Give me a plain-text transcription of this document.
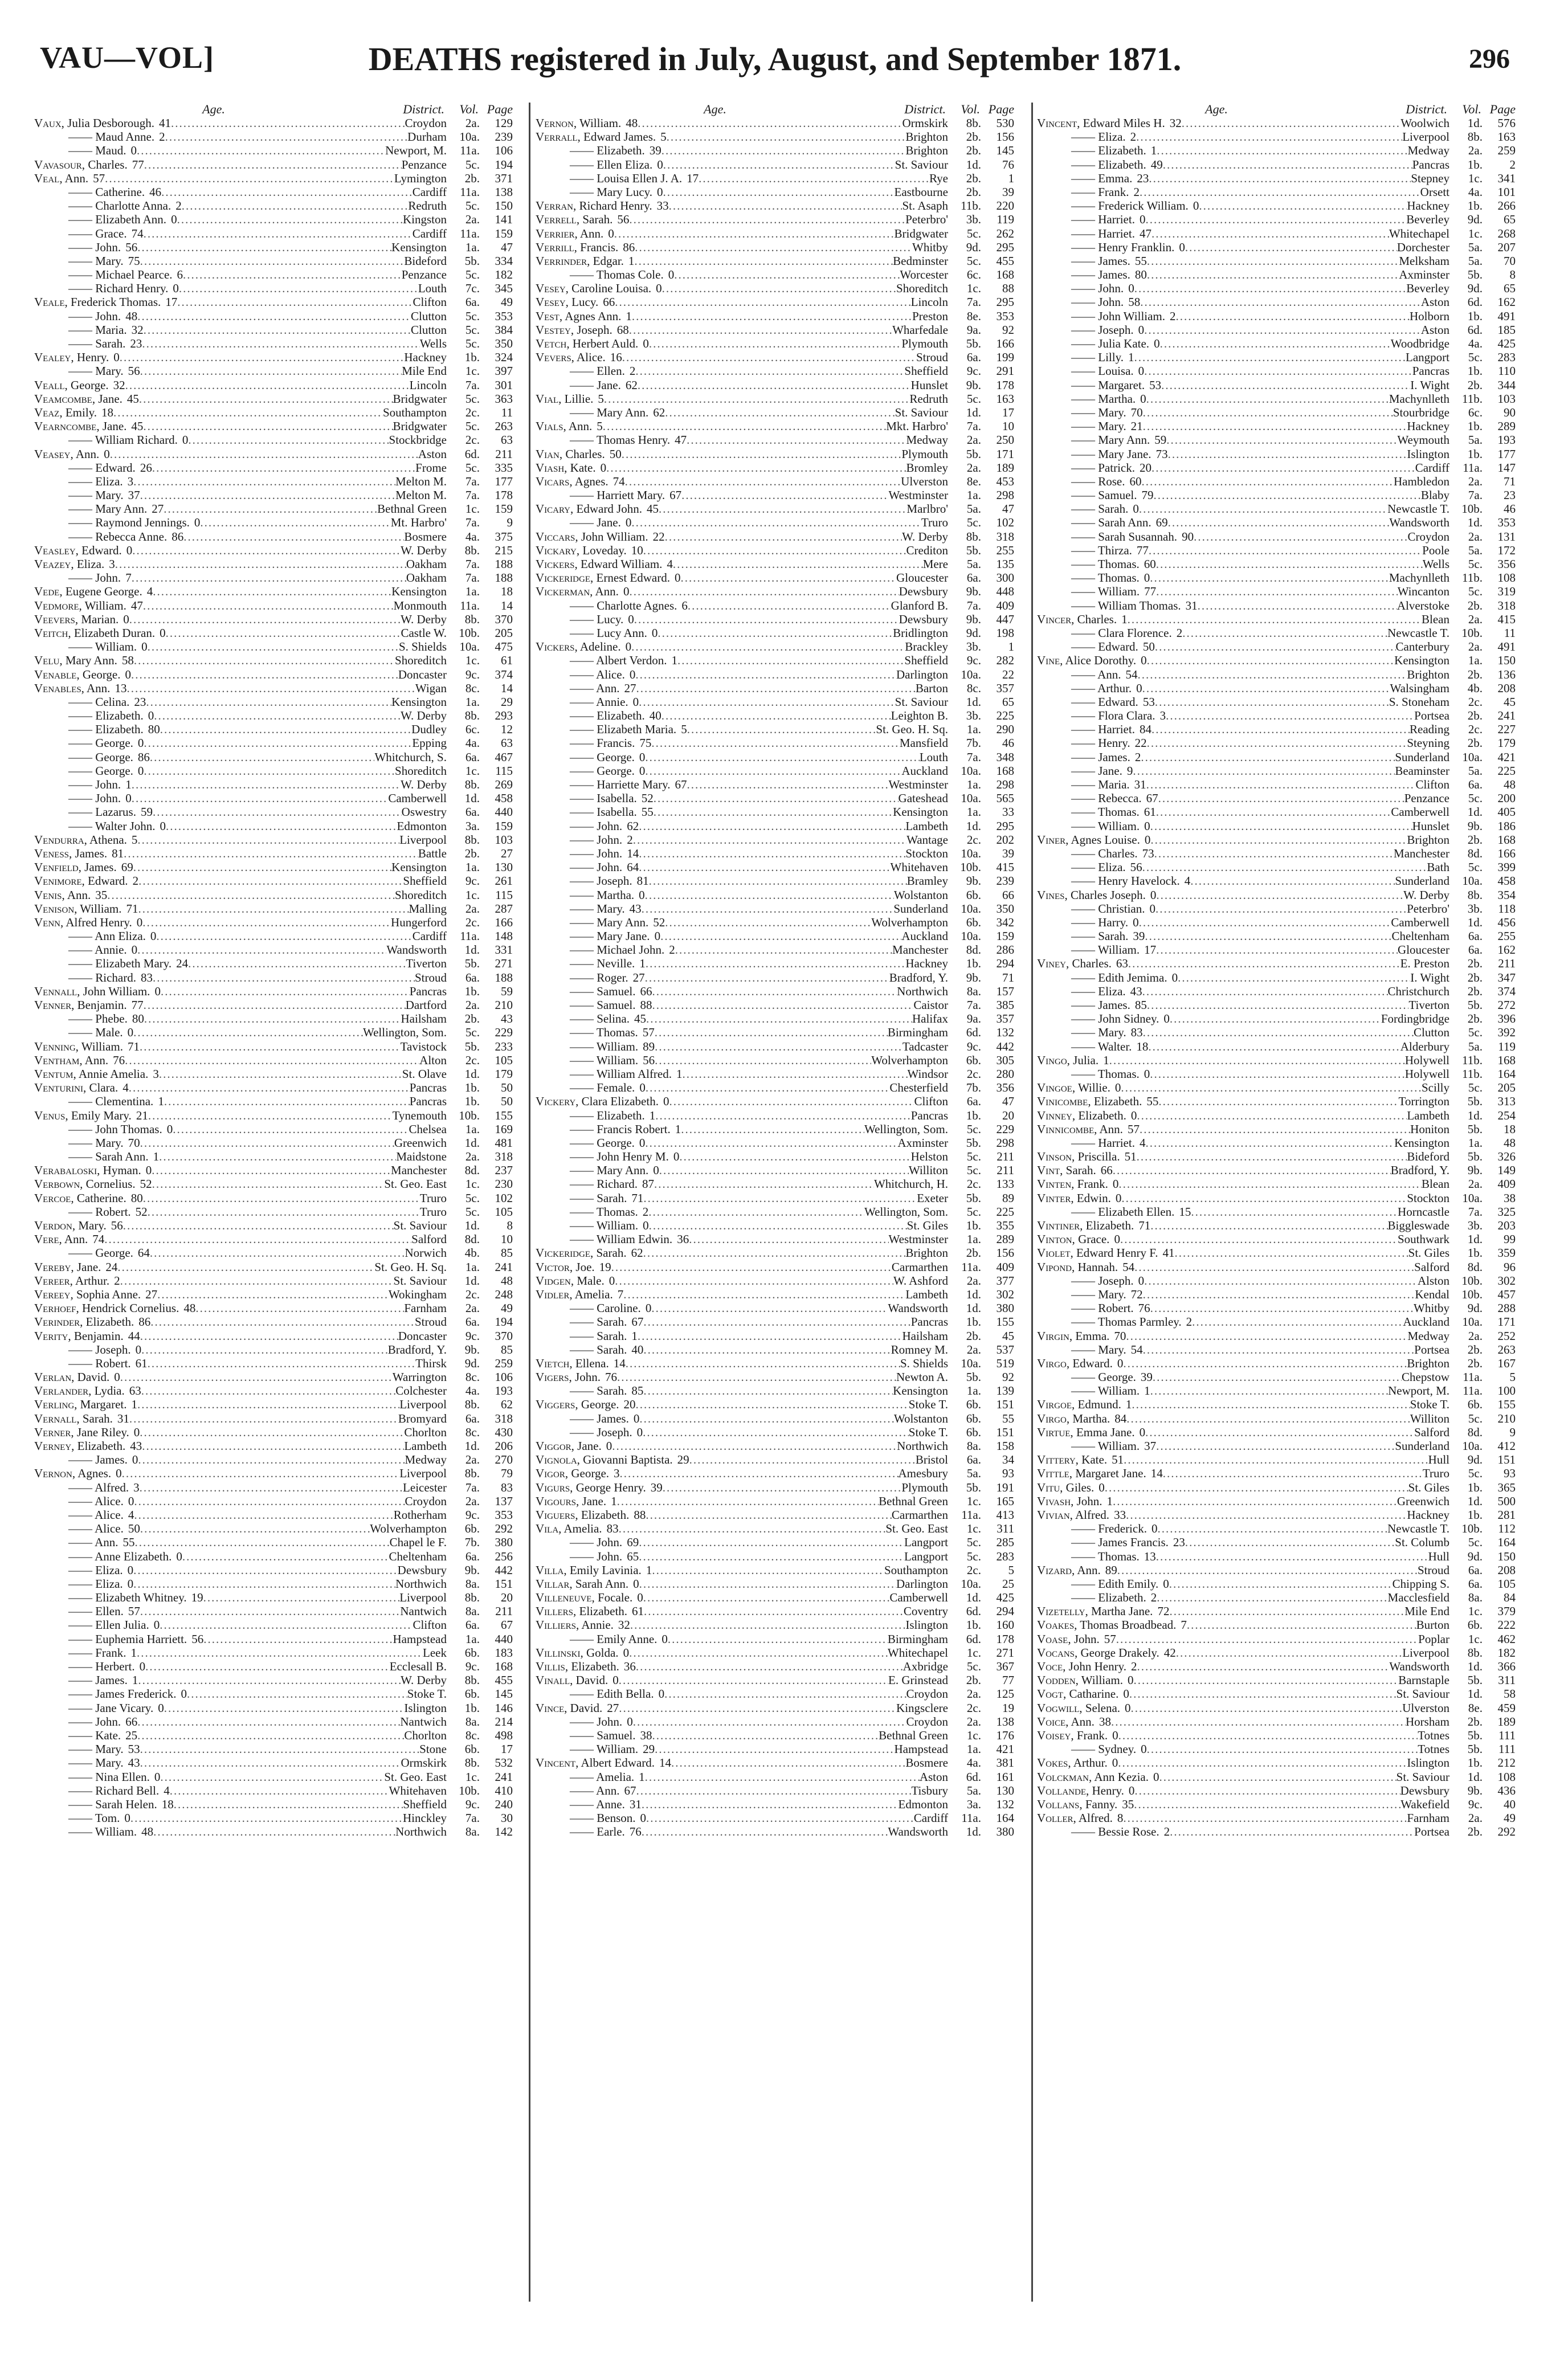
VAU—VOL]	DEATHS registered in July, August, and September 1871.	296
Age.	District.	Vol. Page
Vaux, Julia Desborough. 41 .....	Croydon	2a.	129
—— Maud Anne. 2 .....	Durham	10a.	239
—— Maud. 0 .....	Newport, M.	11a.	106
Vavasour, Charles. 77 .....	Penzance	5c.	194
Veal, Ann. 57 .....	Lymington	2b.	371
—— Catherine. 46 .....	Cardiff	11a.	138
—— Charlotte Anna. 2 .....	Redruth	5c.	150
—— Elizabeth Ann. 0 .....	Kingston	2a.	141
—— Grace. 74 .....	Cardiff	11a.	159
—— John. 56 .....	Kensington	1a.	47
—— Mary. 75 .....	Bideford	5b.	334
—— Michael Pearce. 6 .....	Penzance	5c.	182
—— Richard Henry. 0 .....	Louth	7c.	345
Veale, Frederick Thomas. 17 .....	Clifton	6a.	49
—— John. 48 .....	Clutton	5c.	353
—— Maria. 32 .....	Clutton	5c.	384
—— Sarah. 23 .....	Wells	5c.	350
Vealey, Henry. 0 .....	Hackney	1b.	324
—— Mary. 56 .....	Mile End	1c.	397
Veall, George. 32 .....	Lincoln	7a.	301
Veamcombe, Jane. 45 .....	Bridgwater	5c.	363
Veaz, Emily. 18 .....	Southampton	2c.	11
Vearncombe, Jane. 45 .....	Bridgwater	5c.	263
—— William Richard. 0 .....	Stockbridge	2c.	63
Veasey, Ann. 0 .....	Aston	6d.	211
—— Edward. 26 .....	Frome	5c.	335
—— Eliza. 3 .....	Melton M.	7a.	177
—— Mary. 37 .....	Melton M.	7a.	178
—— Mary Ann. 27 .....	Bethnal Green	1c.	159
—— Raymond Jennings. 0 .....	Mt. Harbro'	7a.	9
—— Rebecca Anne. 86 .....	Bosmere	4a.	375
Veasley, Edward. 0 .....	W. Derby	8b.	215
Veazey, Eliza. 3 .....	Oakham	7a.	188
—— John. 7 .....	Oakham	7a.	188
Vede, Eugene George. 4 .....	Kensington	1a.	18
Vedmore, William. 47 .....	Monmouth	11a.	14
Veevers, Marian. 0 .....	W. Derby	8b.	370
Veitch, Elizabeth Duran. 0 .....	Castle W.	10b.	205
—— William. 0 .....	S. Shields	10a.	475
Velu, Mary Ann. 58 .....	Shoreditch	1c.	61
Venable, George. 0 .....	Doncaster	9c.	374
Venables, Ann. 13 .....	Wigan	8c.	14
—— Celina. 23 .....	Kensington	1a.	29
—— Elizabeth. 0 .....	W. Derby	8b.	293
—— Elizabeth. 80 .....	Dudley	6c.	12
—— George. 0 .....	Epping	4a.	63
—— George. 86 .....	Whitchurch, S.	6a.	467
—— George. 0 .....	Shoreditch	1c.	115
—— John. 1 .....	W. Derby	8b.	269
—— John. 0 .....	Camberwell	1d.	458
—— Lazarus. 59 .....	Oswestry	6a.	440
—— Walter John. 0 .....	Edmonton	3a.	159
Vendurra, Athena. 5 .....	Liverpool	8b.	103
Veness, James. 81 .....	Battle	2b.	27
Venfield, James. 69 .....	Kensington	1a.	130
Venimore, Edward. 2 .....	Sheffield	9c.	261
Venis, Ann. 35 .....	Shoreditch	1c.	115
Venison, William. 71 .....	Malling	2a.	287
Venn, Alfred Henry. 0 .....	Hungerford	2c.	166
—— Ann Eliza. 0 .....	Cardiff	11a.	148
—— Annie. 0 .....	Wandsworth	1d.	331
—— Elizabeth Mary. 24 .....	Tiverton	5b.	271
—— Richard. 83 .....	Stroud	6a.	188
Vennall, John William. 0 .....	Pancras	1b.	59
Venner, Benjamin. 77 .....	Dartford	2a.	210
—— Phebe. 80 .....	Hailsham	2b.	43
—— Male. 0 .....	Wellington, Som.	5c.	229
Venning, William. 71 .....	Tavistock	5b.	233
Ventham, Ann. 76 .....	Alton	2c.	105
Ventum, Annie Amelia. 3 .....	St. Olave	1d.	179
Venturini, Clara. 4 .....	Pancras	1b.	50
—— Clementina. 1 .....	Pancras	1b.	50
Venus, Emily Mary. 21 .....	Tynemouth	10b.	155
—— John Thomas. 0 .....	Chelsea	1a.	169
—— Mary. 70 .....	Greenwich	1d.	481
—— Sarah Ann. 1 .....	Maidstone	2a.	318
Verabaloski, Hyman. 0 .....	Manchester	8d.	237
Verbown, Cornelius. 52 .....	St. Geo. East	1c.	230
Vercoe, Catherine. 80 .....	Truro	5c.	102
—— Robert. 52 .....	Truro	5c.	105
Verdon, Mary. 56 .....	St. Saviour	1d.	8
Vere, Ann. 74 .....	Salford	8d.	10
—— George. 64 .....	Norwich	4b.	85
Vereby, Jane. 24 .....	St. Geo. H. Sq.	1a.	241
Vereer, Arthur. 2 .....	St. Saviour	1d.	48
Vereey, Sophia Anne. 27 .....	Wokingham	2c.	248
Verhoef, Hendrick Cornelius. 48 .....	Farnham	2a.	49
Verinder, Elizabeth. 86 .....	Stroud	6a.	194
Verity, Benjamin. 44 .....	Doncaster	9c.	370
—— Joseph. 0 .....	Bradford, Y.	9b.	85
—— Robert. 61 .....	Thirsk	9d.	259
Verlan, David. 0 .....	Warrington	8c.	106
Verlander, Lydia. 63 .....	Colchester	4a.	193
Verling, Margaret. 1 .....	Liverpool	8b.	62
Vernall, Sarah. 31 .....	Bromyard	6a.	318
Verner, Jane Riley. 0 .....	Chorlton	8c.	430
Verney, Elizabeth. 43 .....	Lambeth	1d.	206
—— James. 0 .....	Medway	2a.	270
Vernon, Agnes. 0 .....	Liverpool	8b.	79
—— Alfred. 3 .....	Leicester	7a.	83
—— Alice. 0 .....	Croydon	2a.	137
—— Alice. 4 .....	Rotherham	9c.	353
—— Alice. 50 .....	Wolverhampton	6b.	292
—— Ann. 55 .....	Chapel le F.	7b.	380
—— Anne Elizabeth. 0 .....	Cheltenham	6a.	256
—— Eliza. 0 .....	Dewsbury	9b.	442
—— Eliza. 0 .....	Northwich	8a.	151
—— Elizabeth Whitney. 19 .....	Liverpool	8b.	20
—— Ellen. 57 .....	Nantwich	8a.	211
—— Ellen Julia. 0 .....	Clifton	6a.	67
—— Euphemia Harriett. 56 .....	Hampstead	1a.	440
—— Frank. 1 .....	Leek	6b.	183
—— Herbert. 0 .....	Ecclesall B.	9c.	168
—— James. 1 .....	W. Derby	8b.	455
—— James Frederick. 0 .....	Stoke T.	6b.	145
—— Jane Vicary. 0 .....	Islington	1b.	146
—— John. 66 .....	Nantwich	8a.	214
—— Kate. 25 .....	Chorlton	8c.	498
—— Mary. 53 .....	Stone	6b.	17
—— Mary. 43 .....	Ormskirk	8b.	532
—— Nina Ellen. 0 .....	St. Geo. East	1c.	241
—— Richard Bell. 4 .....	Whitehaven	10b.	410
—— Sarah Helen. 18 .....	Sheffield	9c.	240
—— Tom. 0 .....	Hinckley	7a.	30
—— William. 48 .....	Northwich	8a.	142
Age.	District.	Vol. Page
Vernon, William. 48 .....	Ormskirk	8b.	530
Verrall, Edward James. 5 .....	Brighton	2b.	156
—— Elizabeth. 39 .....	Brighton	2b.	145
—— Ellen Eliza. 0 .....	St. Saviour	1d.	76
—— Louisa Ellen J. A. 17 .....	Rye	2b.	1
—— Mary Lucy. 0 .....	Eastbourne	2b.	39
Verran, Richard Henry. 33 .....	St. Asaph	11b.	220
Verrell, Sarah. 56 .....	Peterbro'	3b.	119
Verrier, Ann. 0 .....	Bridgwater	5c.	262
Verrill, Francis. 86 .....	Whitby	9d.	295
Verrinder, Edgar. 1 .....	Bedminster	5c.	455
—— Thomas Cole. 0 .....	Worcester	6c.	168
Vesey, Caroline Louisa. 0 .....	Shoreditch	1c.	88
Vesey, Lucy. 66 .....	Lincoln	7a.	295
Vest, Agnes Ann. 1 .....	Preston	8e.	353
Vestey, Joseph. 68 .....	Wharfedale	9a.	92
Vetch, Herbert Auld. 0 .....	Plymouth	5b.	166
Vevers, Alice. 16 .....	Stroud	6a.	199
—— Ellen. 2 .....	Sheffield	9c.	291
—— Jane. 62 .....	Hunslet	9b.	178
Vial, Lillie. 5 .....	Redruth	5c.	163
—— Mary Ann. 62 .....	St. Saviour	1d.	17
Vials, Ann. 5 .....	Mkt. Harbro'	7a.	10
—— Thomas Henry. 47 .....	Medway	2a.	250
Vian, Charles. 50 .....	Plymouth	5b.	171
Viash, Kate. 0 .....	Bromley	2a.	189
Vicars, Agnes. 74 .....	Ulverston	8e.	453
—— Harriett Mary. 67 .....	Westminster	1a.	298
Vicary, Edward John. 45 .....	Marlbro'	5a.	47
—— Jane. 0 .....	Truro	5c.	102
Viccars, John William. 22 .....	W. Derby	8b.	318
Vickary, Loveday. 10 .....	Crediton	5b.	255
Vickers, Edward William. 4 .....	Mere	5a.	135
Vickeridge, Ernest Edward. 0 .....	Gloucester	6a.	300
Vickerman, Ann. 0 .....	Dewsbury	9b.	448
—— Charlotte Agnes. 6 .....	Glanford B.	7a.	409
—— Lucy. 0 .....	Dewsbury	9b.	447
—— Lucy Ann. 0 .....	Bridlington	9d.	198
Vickers, Adeline. 0 .....	Brackley	3b.	1
—— Albert Verdon. 1 .....	Sheffield	9c.	282
—— Alice. 0 .....	Darlington	10a.	22
—— Ann. 27 .....	Barton	8c.	357
—— Annie. 0 .....	St. Saviour	1d.	65
—— Elizabeth. 40 .....	Leighton B.	3b.	225
—— Elizabeth Maria. 5 .....	St. Geo. H. Sq.	1a.	290
—— Francis. 75 .....	Mansfield	7b.	46
—— George. 0 .....	Louth	7a.	348
—— George. 0 .....	Auckland	10a.	168
—— Harriette Mary. 67 .....	Westminster	1a.	298
—— Isabella. 52 .....	Gateshead	10a.	565
—— Isabella. 55 .....	Kensington	1a.	33
—— John. 62 .....	Lambeth	1d.	295
—— John. 2 .....	Wantage	2c.	202
—— John. 14 .....	Stockton	10a.	39
—— John. 64 .....	Whitehaven	10b.	415
—— Joseph. 81 .....	Bramley	9b.	239
—— Martha. 0 .....	Wolstanton	6b.	66
—— Mary. 43 .....	Sunderland	10a.	350
—— Mary Ann. 52 .....	Wolverhampton	6b.	342
—— Mary Jane. 0 .....	Auckland	10a.	159
—— Michael John. 2 .....	Manchester	8d.	286
—— Neville. 1 .....	Hackney	1b.	294
—— Roger. 27 .....	Bradford, Y.	9b.	71
—— Samuel. 66 .....	Northwich	8a.	157
—— Samuel. 88 .....	Caistor	7a.	385
—— Selina. 45 .....	Halifax	9a.	357
—— Thomas. 57 .....	Birmingham	6d.	132
—— William. 89 .....	Tadcaster	9c.	442
—— William. 56 .....	Wolverhampton	6b.	305
—— William Alfred. 1 .....	Windsor	2c.	280
—— Female. 0 .....	Chesterfield	7b.	356
Vickery, Clara Elizabeth. 0 .....	Clifton	6a.	47
—— Elizabeth. 1 .....	Pancras	1b.	20
—— Francis Robert. 1 .....	Wellington, Som.	5c.	229
—— George. 0 .....	Axminster	5b.	298
—— John Henry M. 0 .....	Helston	5c.	211
—— Mary Ann. 0 .....	Williton	5c.	211
—— Richard. 87 .....	Whitchurch, H.	2c.	133
—— Sarah. 71 .....	Exeter	5b.	89
—— Thomas. 2 .....	Wellington, Som.	5c.	225
—— William. 0 .....	St. Giles	1b.	355
—— William Edwin. 36 .....	Westminster	1a.	289
Vickeridge, Sarah. 62 .....	Brighton	2b.	156
Victor, Joe. 19 .....	Carmarthen	11a.	409
Vidgen, Male. 0 .....	W. Ashford	2a.	377
Vidler, Amelia. 7 .....	Lambeth	1d.	302
—— Caroline. 0 .....	Wandsworth	1d.	380
—— Sarah. 67 .....	Pancras	1b.	155
—— Sarah. 1 .....	Hailsham	2b.	45
—— Sarah. 40 .....	Romney M.	2a.	537
Vietch, Ellena. 14 .....	S. Shields	10a.	519
Vigers, John. 76 .....	Newton A.	5b.	92
—— Sarah. 85 .....	Kensington	1a.	139
Viggers, George. 20 .....	Stoke T.	6b.	151
—— James. 0 .....	Wolstanton	6b.	55
—— Joseph. 0 .....	Stoke T.	6b.	151
Viggor, Jane. 0 .....	Northwich	8a.	158
Vignola, Giovanni Baptista. 29 .....	Bristol	6a.	34
Vigor, George. 3 .....	Amesbury	5a.	93
Vigurs, George Henry. 39 .....	Plymouth	5b.	191
Vigours, Jane. 1 .....	Bethnal Green	1c.	165
Viguers, Elizabeth. 88 .....	Carmarthen	11a.	413
Vila, Amelia. 83 .....	St. Geo. East	1c.	311
—— John. 69 .....	Langport	5c.	285
—— John. 65 .....	Langport	5c.	283
Villa, Emily Lavinia. 1 .....	Southampton	2c.	5
Villar, Sarah Ann. 0 .....	Darlington	10a.	25
Villeneuve, Focale. 0 .....	Camberwell	1d.	425
Villers, Elizabeth. 61 .....	Coventry	6d.	294
Villiers, Annie. 32 .....	Islington	1b.	160
—— Emily Anne. 0 .....	Birmingham	6d.	178
Villinski, Golda. 0 .....	Whitechapel	1c.	271
Villis, Elizabeth. 36 .....	Axbridge	5c.	367
Vinall, David. 0 .....	E. Grinstead	2b.	77
—— Edith Bella. 0 .....	Croydon	2a.	125
Vince, David. 27 .....	Kingsclere	2c.	19
—— John. 0 .....	Croydon	2a.	138
—— Samuel. 38 .....	Bethnal Green	1c.	176
—— William. 29 .....	Hampstead	1a.	421
Vincent, Albert Edward. 14 .....	Bosmere	4a.	381
—— Amelia. 1 .....	Aston	6d.	161
—— Ann. 67 .....	Tisbury	5a.	130
—— Anne. 31 .....	Edmonton	3a.	132
—— Benson. 0 .....	Cardiff	11a.	164
—— Earle. 76 .....	Wandsworth	1d.	380
Age.	District.	Vol. Page
Vincent, Edward Miles H. 32 .....	Woolwich	1d.	576
—— Eliza. 2 .....	Liverpool	8b.	163
—— Elizabeth. 1 .....	Medway	2a.	259
—— Elizabeth. 49 .....	Pancras	1b.	2
—— Emma. 23 .....	Stepney	1c.	341
—— Frank. 2 .....	Orsett	4a.	101
—— Frederick William. 0 .....	Hackney	1b.	266
—— Harriet. 0 .....	Beverley	9d.	65
—— Harriet. 47 .....	Whitechapel	1c.	268
—— Henry Franklin. 0 .....	Dorchester	5a.	207
—— James. 55 .....	Melksham	5a.	70
—— James. 80 .....	Axminster	5b.	8
—— John. 0 .....	Beverley	9d.	65
—— John. 58 .....	Aston	6d.	162
—— John William. 2 .....	Holborn	1b.	491
—— Joseph. 0 .....	Aston	6d.	185
—— Julia Kate. 0 .....	Woodbridge	4a.	425
—— Lilly. 1 .....	Langport	5c.	283
—— Louisa. 0 .....	Pancras	1b.	110
—— Margaret. 53 .....	I. Wight	2b.	344
—— Martha. 0 .....	Machynlleth	11b.	103
—— Mary. 70 .....	Stourbridge	6c.	90
—— Mary. 21 .....	Hackney	1b.	289
—— Mary Ann. 59 .....	Weymouth	5a.	193
—— Mary Jane. 73 .....	Islington	1b.	177
—— Patrick. 20 .....	Cardiff	11a.	147
—— Rose. 60 .....	Hambledon	2a.	71
—— Samuel. 79 .....	Blaby	7a.	23
—— Sarah. 0 .....	Newcastle T.	10b.	46
—— Sarah Ann. 69 .....	Wandsworth	1d.	353
—— Sarah Susannah. 90 .....	Croydon	2a.	131
—— Thirza. 77 .....	Poole	5a.	172
—— Thomas. 60 .....	Wells	5c.	356
—— Thomas. 0 .....	Machynlleth	11b.	108
—— William. 77 .....	Wincanton	5c.	319
—— William Thomas. 31 .....	Alverstoke	2b.	318
Vincer, Charles. 1 .....	Blean	2a.	415
—— Clara Florence. 2 .....	Newcastle T.	10b.	11
—— Edward. 50 .....	Canterbury	2a.	491
Vine, Alice Dorothy. 0 .....	Kensington	1a.	150
—— Ann. 54 .....	Brighton	2b.	136
—— Arthur. 0 .....	Walsingham	4b.	208
—— Edward. 53 .....	S. Stoneham	2c.	45
—— Flora Clara. 3 .....	Portsea	2b.	241
—— Harriet. 84 .....	Reading	2c.	227
—— Henry. 22 .....	Steyning	2b.	179
—— James. 2 .....	Sunderland	10a.	421
—— Jane. 9 .....	Beaminster	5a.	225
—— Maria. 31 .....	Clifton	6a.	48
—— Rebecca. 67 .....	Penzance	5c.	200
—— Thomas. 61 .....	Camberwell	1d.	405
—— William. 0 .....	Hunslet	9b.	186
Viner, Agnes Louise. 0 .....	Brighton	2b.	168
—— Charles. 73 .....	Manchester	8d.	166
—— Eliza. 56 .....	Bath	5c.	399
—— Henry Havelock. 4 .....	Sunderland	10a.	458
Vines, Charles Joseph. 0 .....	W. Derby	8b.	354
—— Christian. 0 .....	Peterbro'	3b.	118
—— Harry. 0 .....	Camberwell	1d.	456
—— Sarah. 39 .....	Cheltenham	6a.	255
—— William. 17 .....	Gloucester	6a.	162
Viney, Charles. 63 .....	E. Preston	2b.	211
—— Edith Jemima. 0 .....	I. Wight	2b.	347
—— Eliza. 43 .....	Christchurch	2b.	374
—— James. 85 .....	Tiverton	5b.	272
—— John Sidney. 0 .....	Fordingbridge	2b.	396
—— Mary. 83 .....	Clutton	5c.	392
—— Walter. 18 .....	Alderbury	5a.	119
Vingo, Julia. 1 .....	Holywell	11b.	168
—— Thomas. 0 .....	Holywell	11b.	164
Vingoe, Willie. 0 .....	Scilly	5c.	205
Vinicombe, Elizabeth. 55 .....	Torrington	5b.	313
Vinney, Elizabeth. 0 .....	Lambeth	1d.	254
Vinnicombe, Ann. 57 .....	Honiton	5b.	18
—— Harriet. 4 .....	Kensington	1a.	48
Vinson, Priscilla. 51 .....	Bideford	5b.	326
Vint, Sarah. 66 .....	Bradford, Y.	9b.	149
Vinten, Frank. 0 .....	Blean	2a.	409
Vinter, Edwin. 0 .....	Stockton	10a.	38
—— Elizabeth Ellen. 15 .....	Horncastle	7a.	325
Vintiner, Elizabeth. 71 .....	Biggleswade	3b.	203
Vinton, Grace. 0 .....	Southwark	1d.	99
Violet, Edward Henry F. 41 .....	St. Giles	1b.	359
Vipond, Hannah. 54 .....	Salford	8d.	96
—— Joseph. 0 .....	Alston	10b.	302
—— Mary. 72 .....	Kendal	10b.	457
—— Robert. 76 .....	Whitby	9d.	288
—— Thomas Parmley. 2 .....	Auckland	10a.	171
Virgin, Emma. 70 .....	Medway	2a.	252
—— Mary. 54 .....	Portsea	2b.	263
Virgo, Edward. 0 .....	Brighton	2b.	167
—— George. 39 .....	Chepstow	11a.	5
—— William. 1 .....	Newport, M.	11a.	100
Virgoe, Edmund. 1 .....	Stoke T.	6b.	155
Virgo, Martha. 84 .....	Williton	5c.	210
Virtue, Emma Jane. 0 .....	Salford	8d.	9
—— William. 37 .....	Sunderland	10a.	412
Vittery, Kate. 51 .....	Hull	9d.	151
Vittle, Margaret Jane. 14 .....	Truro	5c.	93
Vitu, Giles. 0 .....	St. Giles	1b.	365
Vivash, John. 1 .....	Greenwich	1d.	500
Vivian, Alfred. 33 .....	Hackney	1b.	281
—— Frederick. 0 .....	Newcastle T.	10b.	112
—— James Francis. 23 .....	St. Columb	5c.	164
—— Thomas. 13 .....	Hull	9d.	150
Vizard, Ann. 89 .....	Stroud	6a.	208
—— Edith Emily. 0 .....	Chipping S.	6a.	105
—— Elizabeth. 2 .....	Macclesfield	8a.	84
Vizetelly, Martha Jane. 72 .....	Mile End	1c.	379
Voakes, Thomas Broadbead. 7 .....	Burton	6b.	222
Voase, John. 57 .....	Poplar	1c.	462
Vocans, George Drakely. 42 .....	Liverpool	8b.	182
Voce, John Henry. 2 .....	Wandsworth	1d.	366
Vodden, William. 0 .....	Barnstaple	5b.	311
Vogt, Catharine. 0 .....	St. Saviour	1d.	58
Vogwill, Selena. 0 .....	Ulverston	8e.	459
Voice, Ann. 38 .....	Horsham	2b.	189
Voisey, Frank. 0 .....	Totnes	5b.	111
—— Sydney. 0 .....	Totnes	5b.	111
Vokes, Arthur. 0 .....	Islington	1b.	212
Volckman, Ann Kezia. 0 .....	St. Saviour	1d.	108
Vollande, Henry. 0 .....	Dewsbury	9b.	436
Vollans, Fanny. 35 .....	Wakefield	9c.	40
Voller, Alfred. 8 .....	Farnham	2a.	49
—— Bessie Rose. 2 .....	Portsea	2b.	292
